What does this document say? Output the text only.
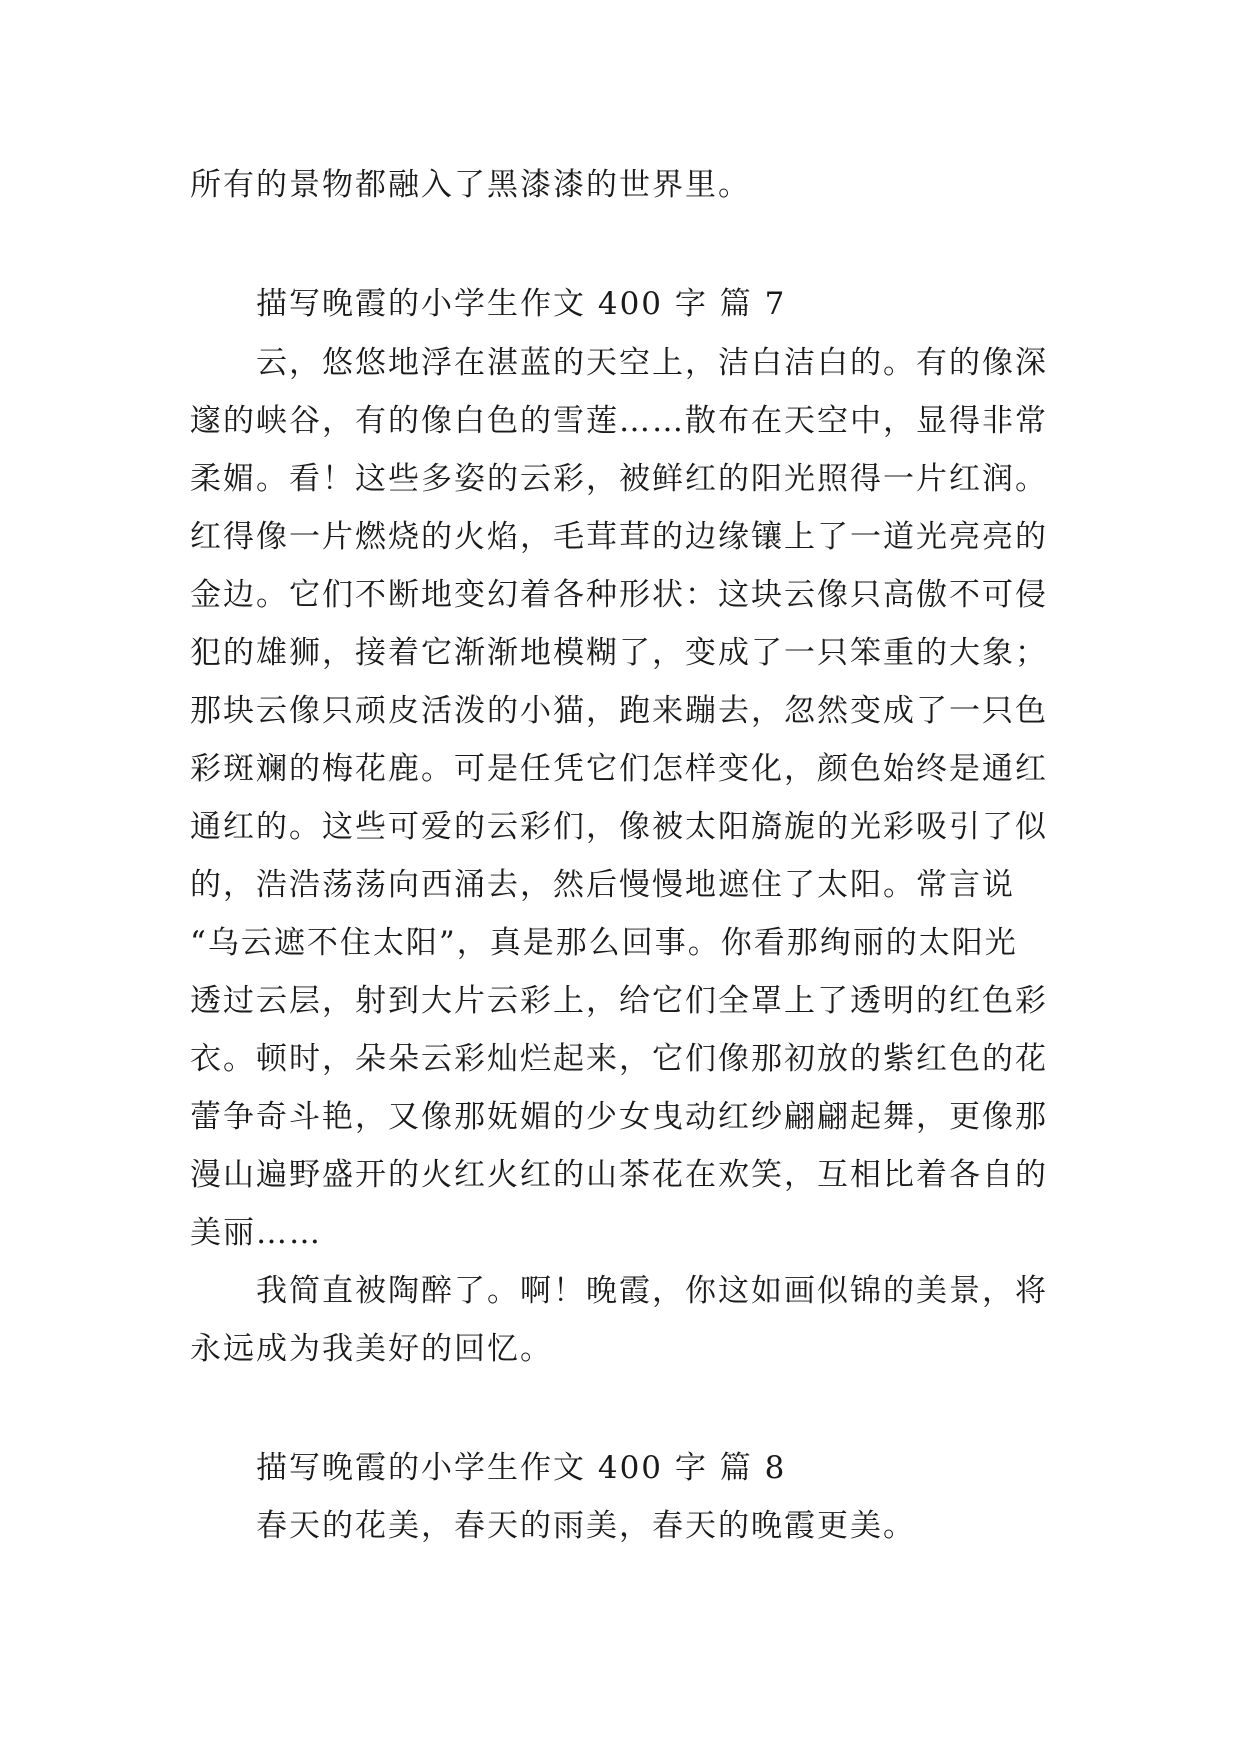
所有的景物都融入了黑漆漆的世界里。
描写晚霞的小学生作文 400 字 篇 7
云，悠悠地浮在湛蓝的天空上，洁白洁白的。有的像深
邃的峡谷，有的像白色的雪莲……散布在天空中，显得非常
柔媚。看！这些多姿的云彩，被鲜红的阳光照得一片红润。
红得像一片燃烧的火焰，毛茸茸的边缘镶上了一道光亮亮的
金边。它们不断地变幻着各种形状：这块云像只高傲不可侵
犯的雄狮，接着它渐渐地模糊了，变成了一只笨重的大象；
那块云像只顽皮活泼的小猫，跑来蹦去，忽然变成了一只色
彩斑斓的梅花鹿。可是任凭它们怎样变化，颜色始终是通红
通红的。这些可爱的云彩们，像被太阳旖旎的光彩吸引了似
的，浩浩荡荡向西涌去，然后慢慢地遮住了太阳。常言说
“乌云遮不住太阳”，真是那么回事。你看那绚丽的太阳光
透过云层，射到大片云彩上，给它们全罩上了透明的红色彩
衣。顿时，朵朵云彩灿烂起来，它们像那初放的紫红色的花
蕾争奇斗艳，又像那妩媚的少女曳动红纱翩翩起舞，更像那
漫山遍野盛开的火红火红的山茶花在欢笑，互相比着各自的
美丽……
我简直被陶醉了。啊！晚霞，你这如画似锦的美景，将
永远成为我美好的回忆。
描写晚霞的小学生作文 400 字 篇 8
春天的花美，春天的雨美，春天的晚霞更美。
